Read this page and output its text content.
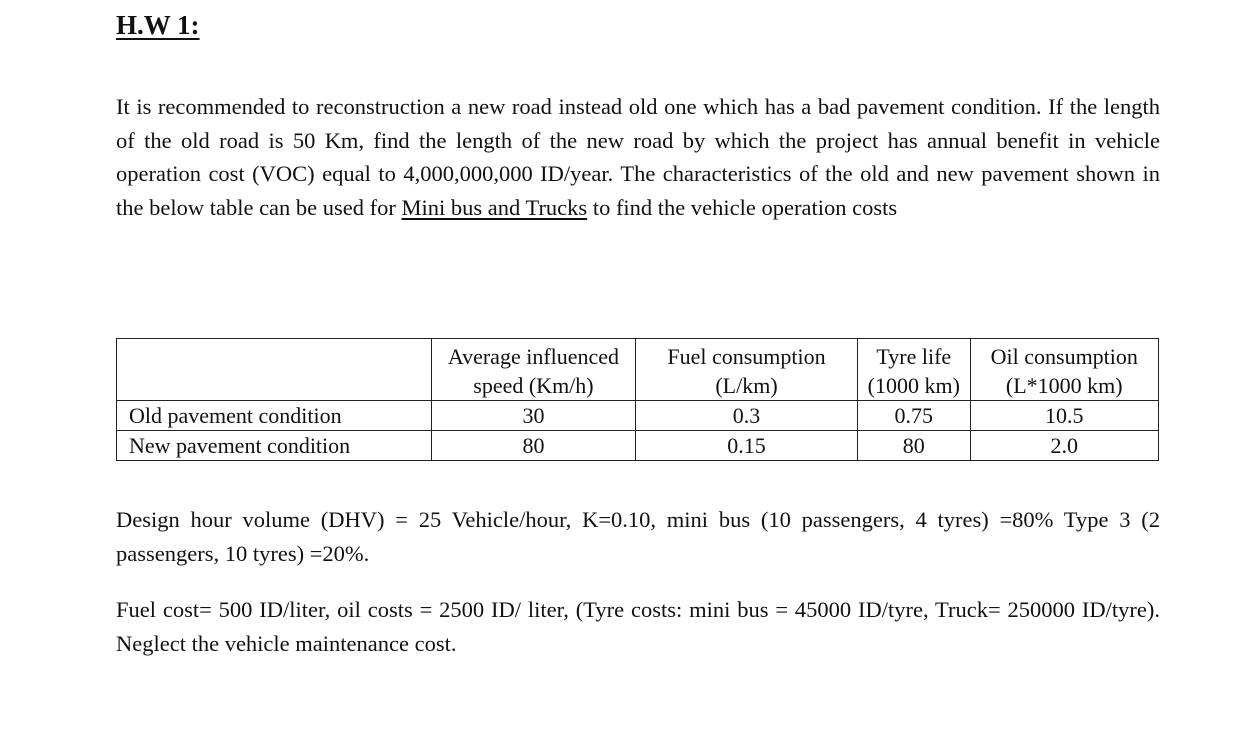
H.W 1:

It is recommended to reconstruction a new road instead old one which has a bad pavement condition. If the length of the old road is 50 Km, find the length of the new road by which the project has annual benefit in vehicle operation cost (VOC) equal to 4,000,000,000 ID/year. The characteristics of the old and new pavement shown in the below table can be used for Mini bus and Trucks to find the vehicle operation costs

	Average influenced speed (Km/h)	Fuel consumption (L/km)	Tyre life (1000 km)	Oil consumption (L*1000 km)
Old pavement condition	30	0.3	0.75	10.5
New pavement condition	80	0.15	80	2.0

Design hour volume (DHV) = 25 Vehicle/hour, K=0.10, mini bus (10 passengers, 4 tyres) =80% Type 3 (2 passengers, 10 tyres) =20%.

Fuel cost= 500 ID/liter, oil costs = 2500 ID/ liter, (Tyre costs: mini bus = 45000 ID/tyre, Truck= 250000 ID/tyre). Neglect the vehicle maintenance cost.
